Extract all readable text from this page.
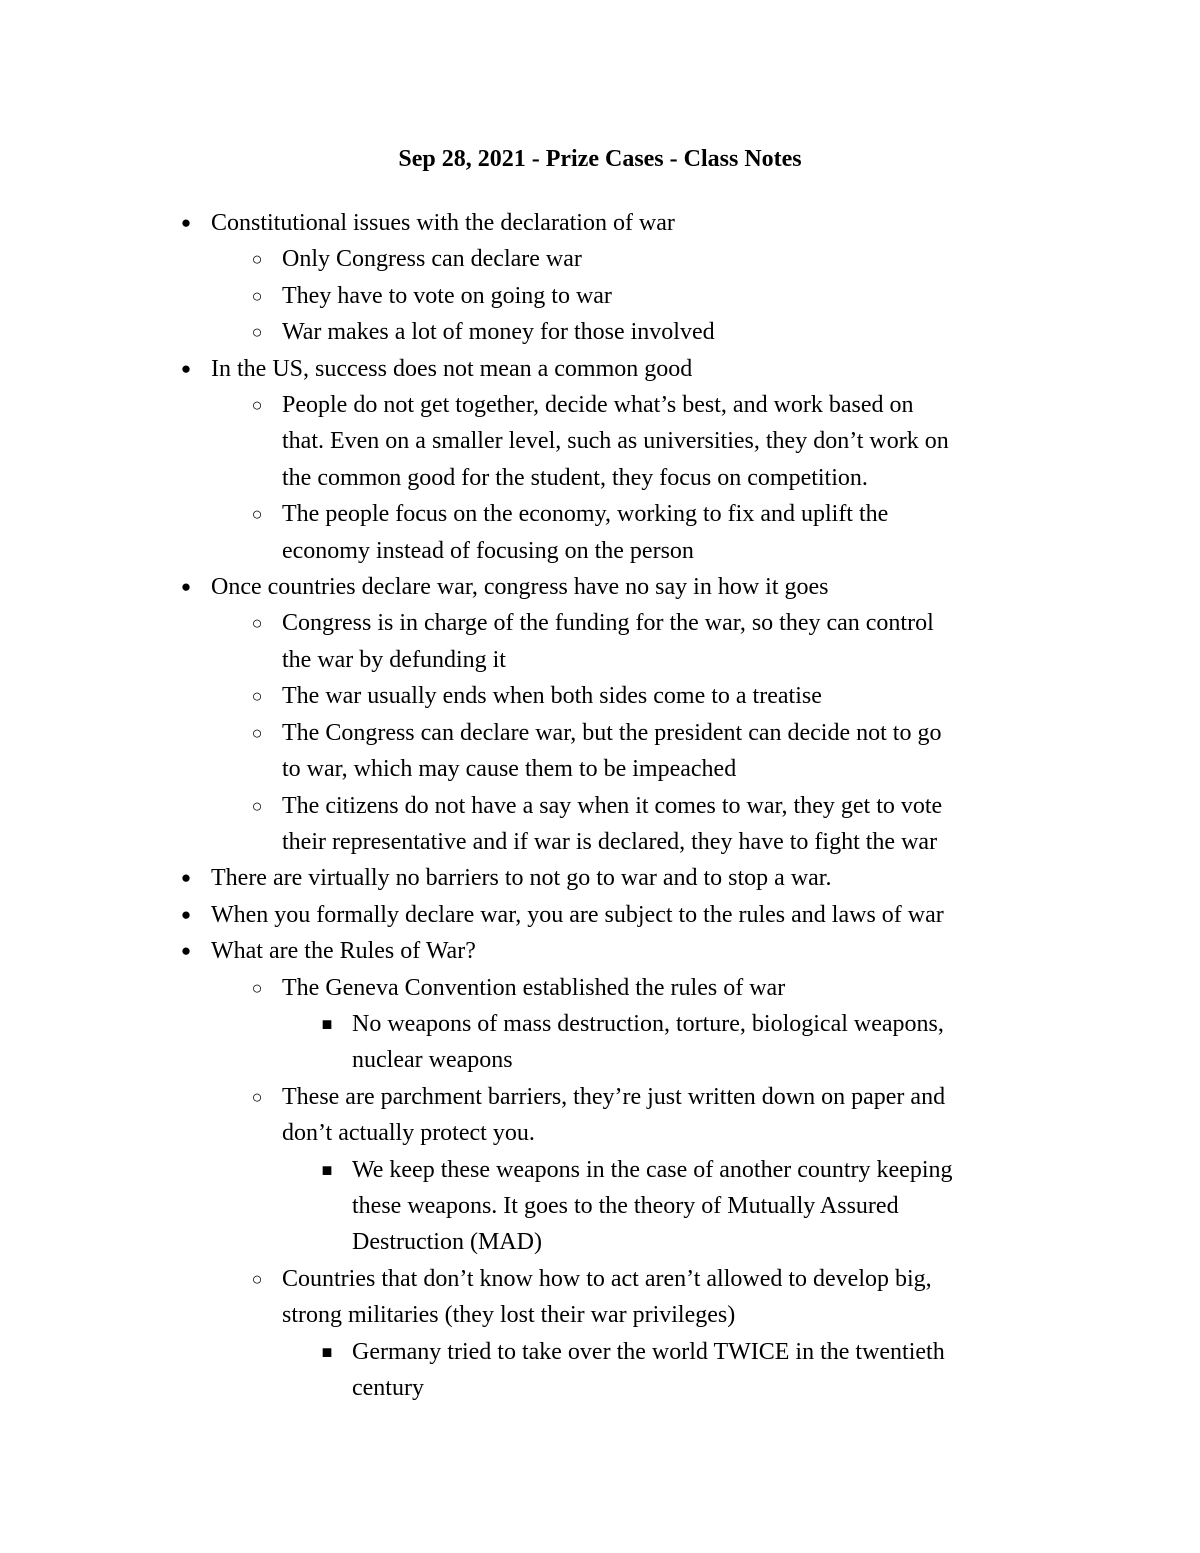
Sep 28, 2021 - Prize Cases - Class Notes
● Constitutional issues with the declaration of war
○ Only Congress can declare war
○ They have to vote on going to war
○ War makes a lot of money for those involved
● In the US, success does not mean a common good
○ People do not get together, decide what’s best, and work based on
that. Even on a smaller level, such as universities, they don’t work on
the common good for the student, they focus on competition.
○ The people focus on the economy, working to fix and uplift the
economy instead of focusing on the person
● Once countries declare war, congress have no say in how it goes
○ Congress is in charge of the funding for the war, so they can control
the war by defunding it
○ The war usually ends when both sides come to a treatise
○ The Congress can declare war, but the president can decide not to go
to war, which may cause them to be impeached
○ The citizens do not have a say when it comes to war, they get to vote
their representative and if war is declared, they have to fight the war
● There are virtually no barriers to not go to war and to stop a war.
● When you formally declare war, you are subject to the rules and laws of war
● What are the Rules of War?
○ The Geneva Convention established the rules of war
■ No weapons of mass destruction, torture, biological weapons,
nuclear weapons
○ These are parchment barriers, they’re just written down on paper and
don’t actually protect you.
■ We keep these weapons in the case of another country keeping
these weapons. It goes to the theory of Mutually Assured
Destruction (MAD)
○ Countries that don’t know how to act aren’t allowed to develop big,
strong militaries (they lost their war privileges)
■ Germany tried to take over the world TWICE in the twentieth
century
